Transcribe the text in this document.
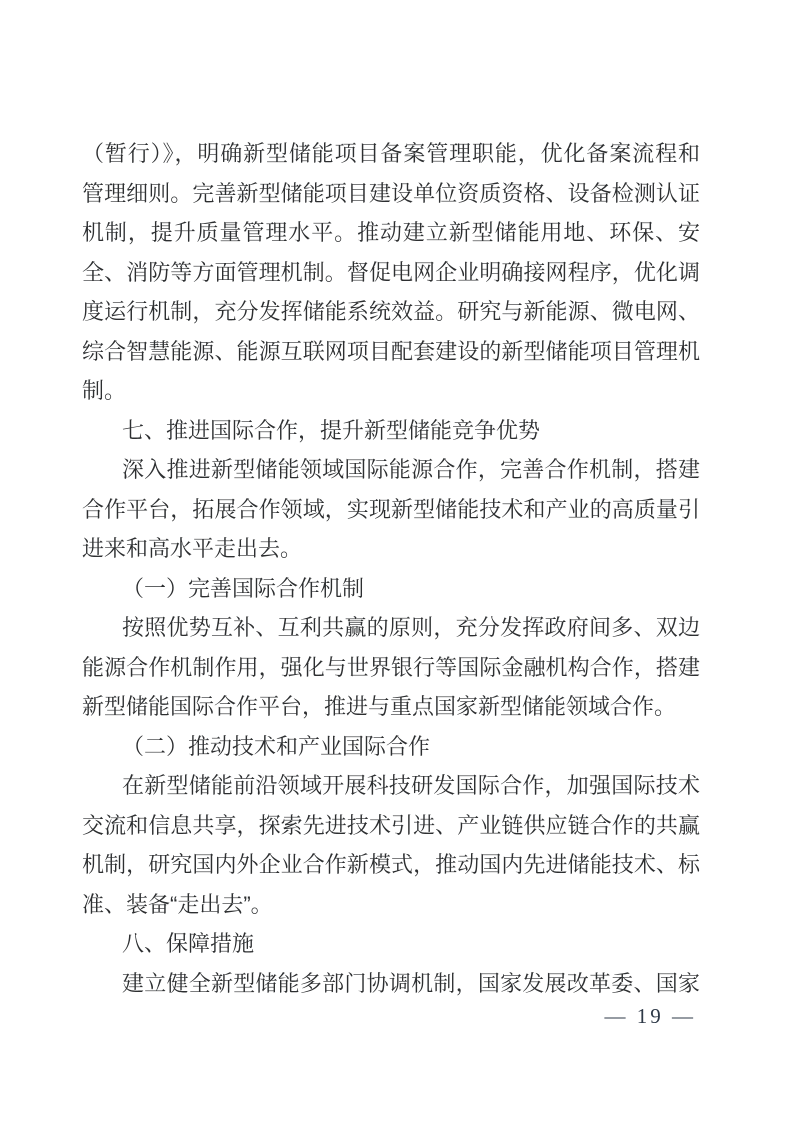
（暂行）》，明确新型储能项目备案管理职能，优化备案流程和
管理细则。完善新型储能项目建设单位资质资格、设备检测认证
机制，提升质量管理水平。推动建立新型储能用地、环保、安
全、消防等方面管理机制。督促电网企业明确接网程序，优化调
度运行机制，充分发挥储能系统效益。研究与新能源、微电网、
综合智慧能源、能源互联网项目配套建设的新型储能项目管理机
制。
七、推进国际合作，提升新型储能竞争优势
深入推进新型储能领域国际能源合作，完善合作机制，搭建
合作平台，拓展合作领域，实现新型储能技术和产业的高质量引
进来和高水平走出去。
（一）完善国际合作机制
按照优势互补、互利共赢的原则，充分发挥政府间多、双边
能源合作机制作用，强化与世界银行等国际金融机构合作，搭建
新型储能国际合作平台，推进与重点国家新型储能领域合作。
（二）推动技术和产业国际合作
在新型储能前沿领域开展科技研发国际合作，加强国际技术
交流和信息共享，探索先进技术引进、产业链供应链合作的共赢
机制，研究国内外企业合作新模式，推动国内先进储能技术、标
准、装备“走出去”。
八、保障措施
建立健全新型储能多部门协调机制，国家发展改革委、国家
— 19 —
